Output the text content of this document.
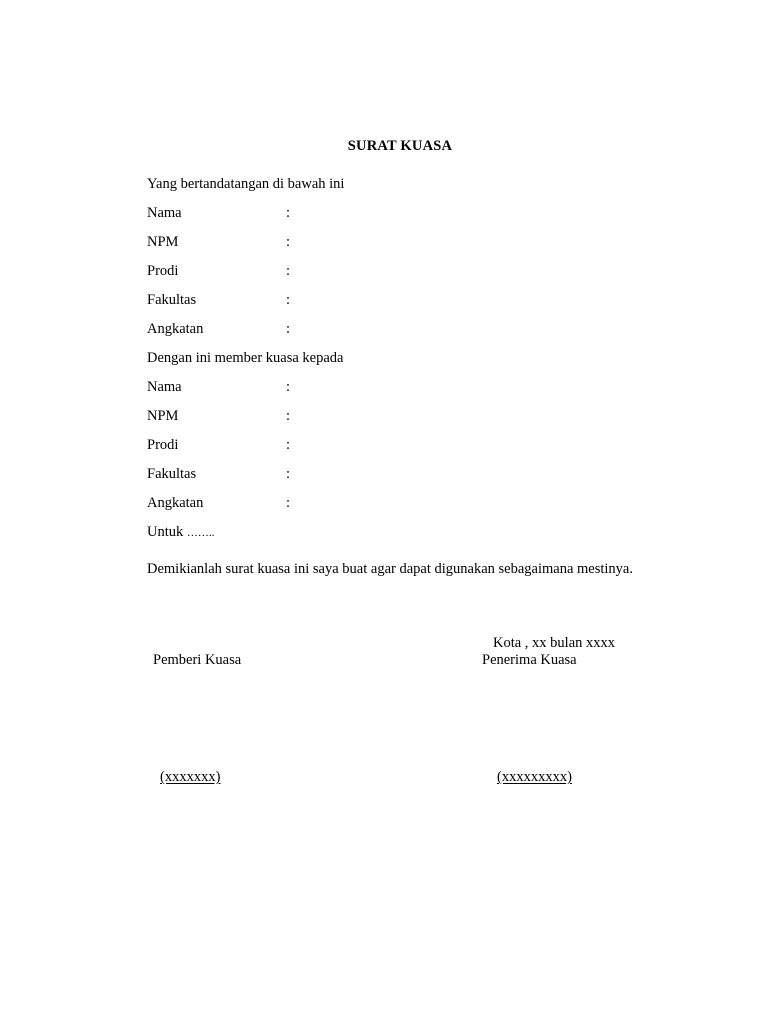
SURAT KUASA
Yang bertandatangan di bawah ini
Nama	:
NPM	:
Prodi	:
Fakultas	:
Angkatan	:
Dengan ini member kuasa kepada
Nama	:
NPM	:
Prodi	:
Fakultas	:
Angkatan	:
Untuk ……..
Demikianlah surat kuasa ini saya buat agar dapat digunakan sebagaimana mestinya.
Kota , xx bulan xxxx
Pemberi Kuasa	Penerima Kuasa
(xxxxxxx)	(xxxxxxxxx)
